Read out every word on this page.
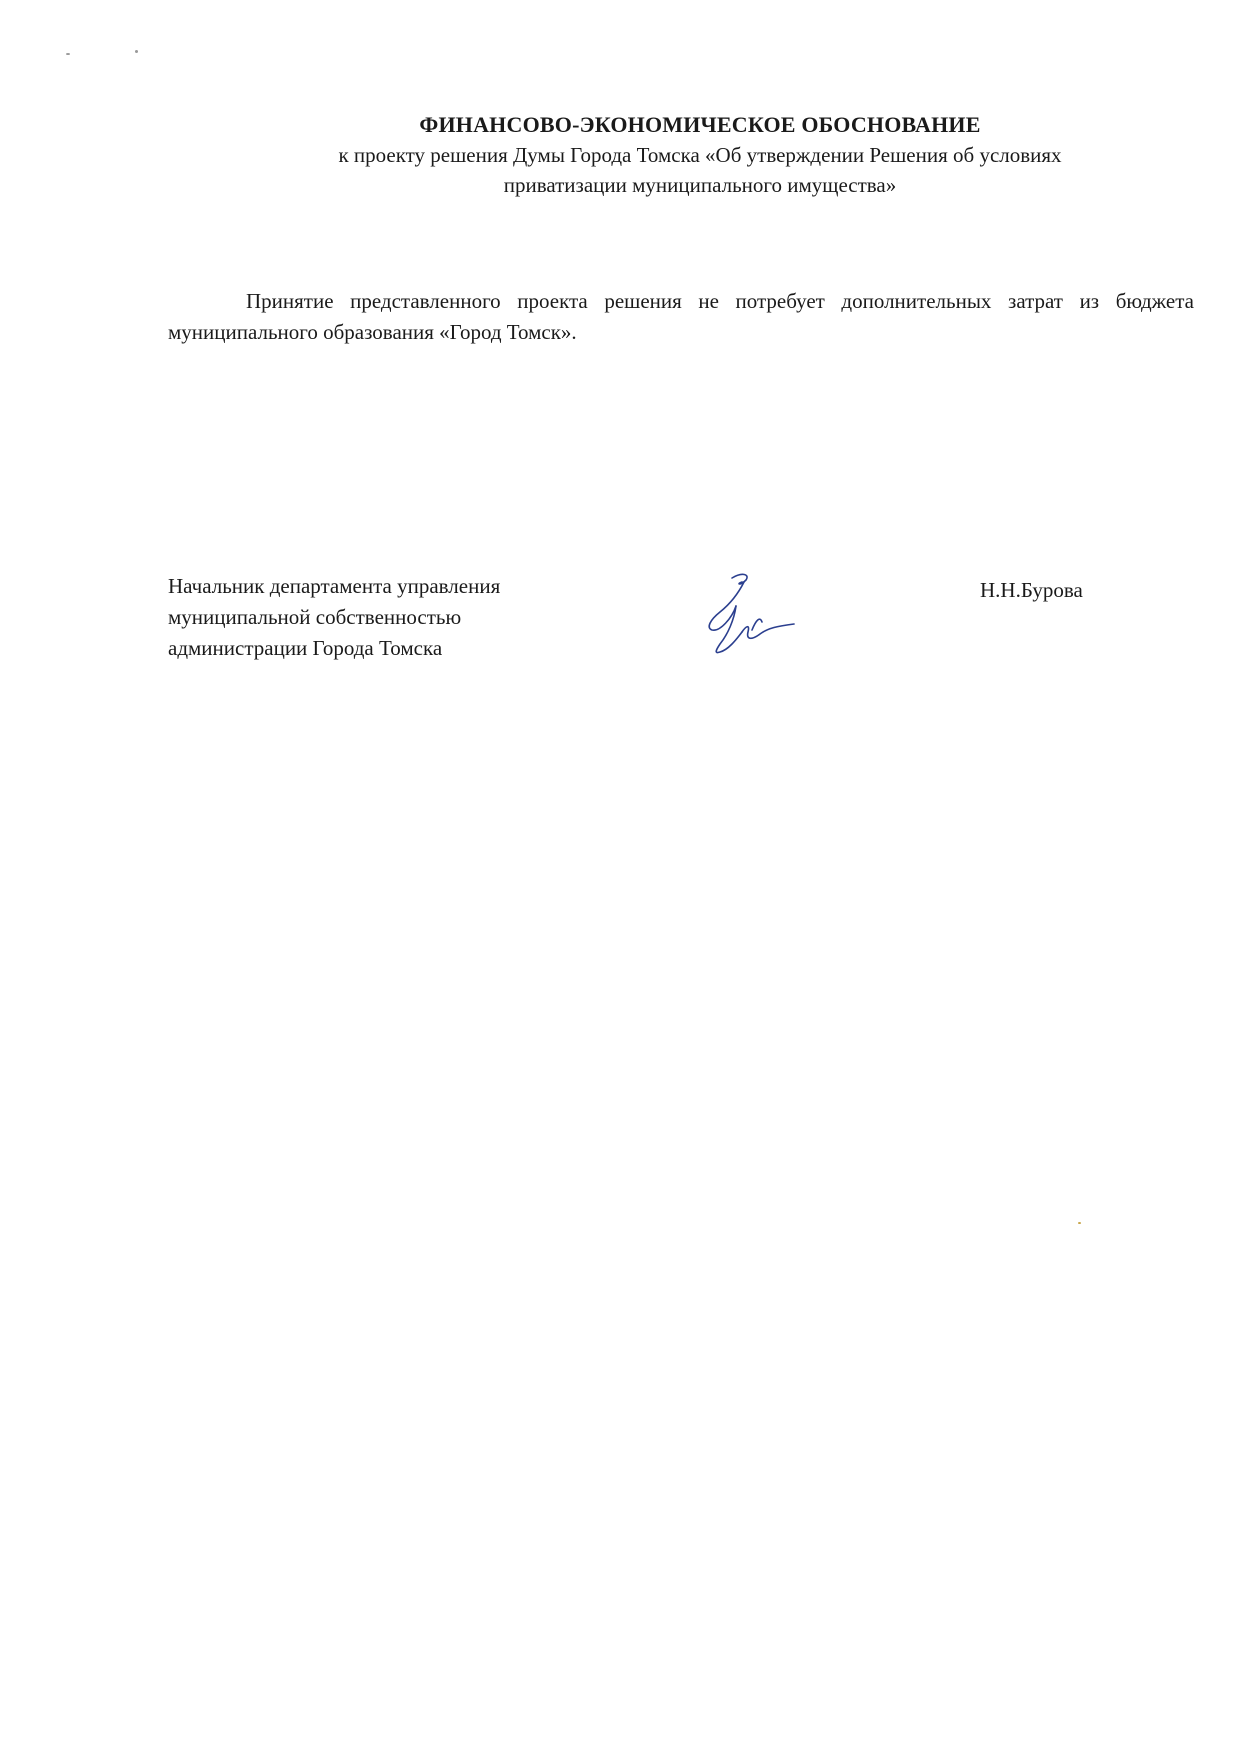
ФИНАНСОВО-ЭКОНОМИЧЕСКОЕ ОБОСНОВАНИЕ

к проекту решения Думы Города Томска «Об утверждении Решения об условиях

приватизации муниципального имущества»

Принятие представленного проекта решения не потребует дополнительных затрат из бюджета муниципального образования «Город Томск».

Начальник департамента управления
муниципальной собственностью
администрации Города Томска
Н.Н.Бурова
